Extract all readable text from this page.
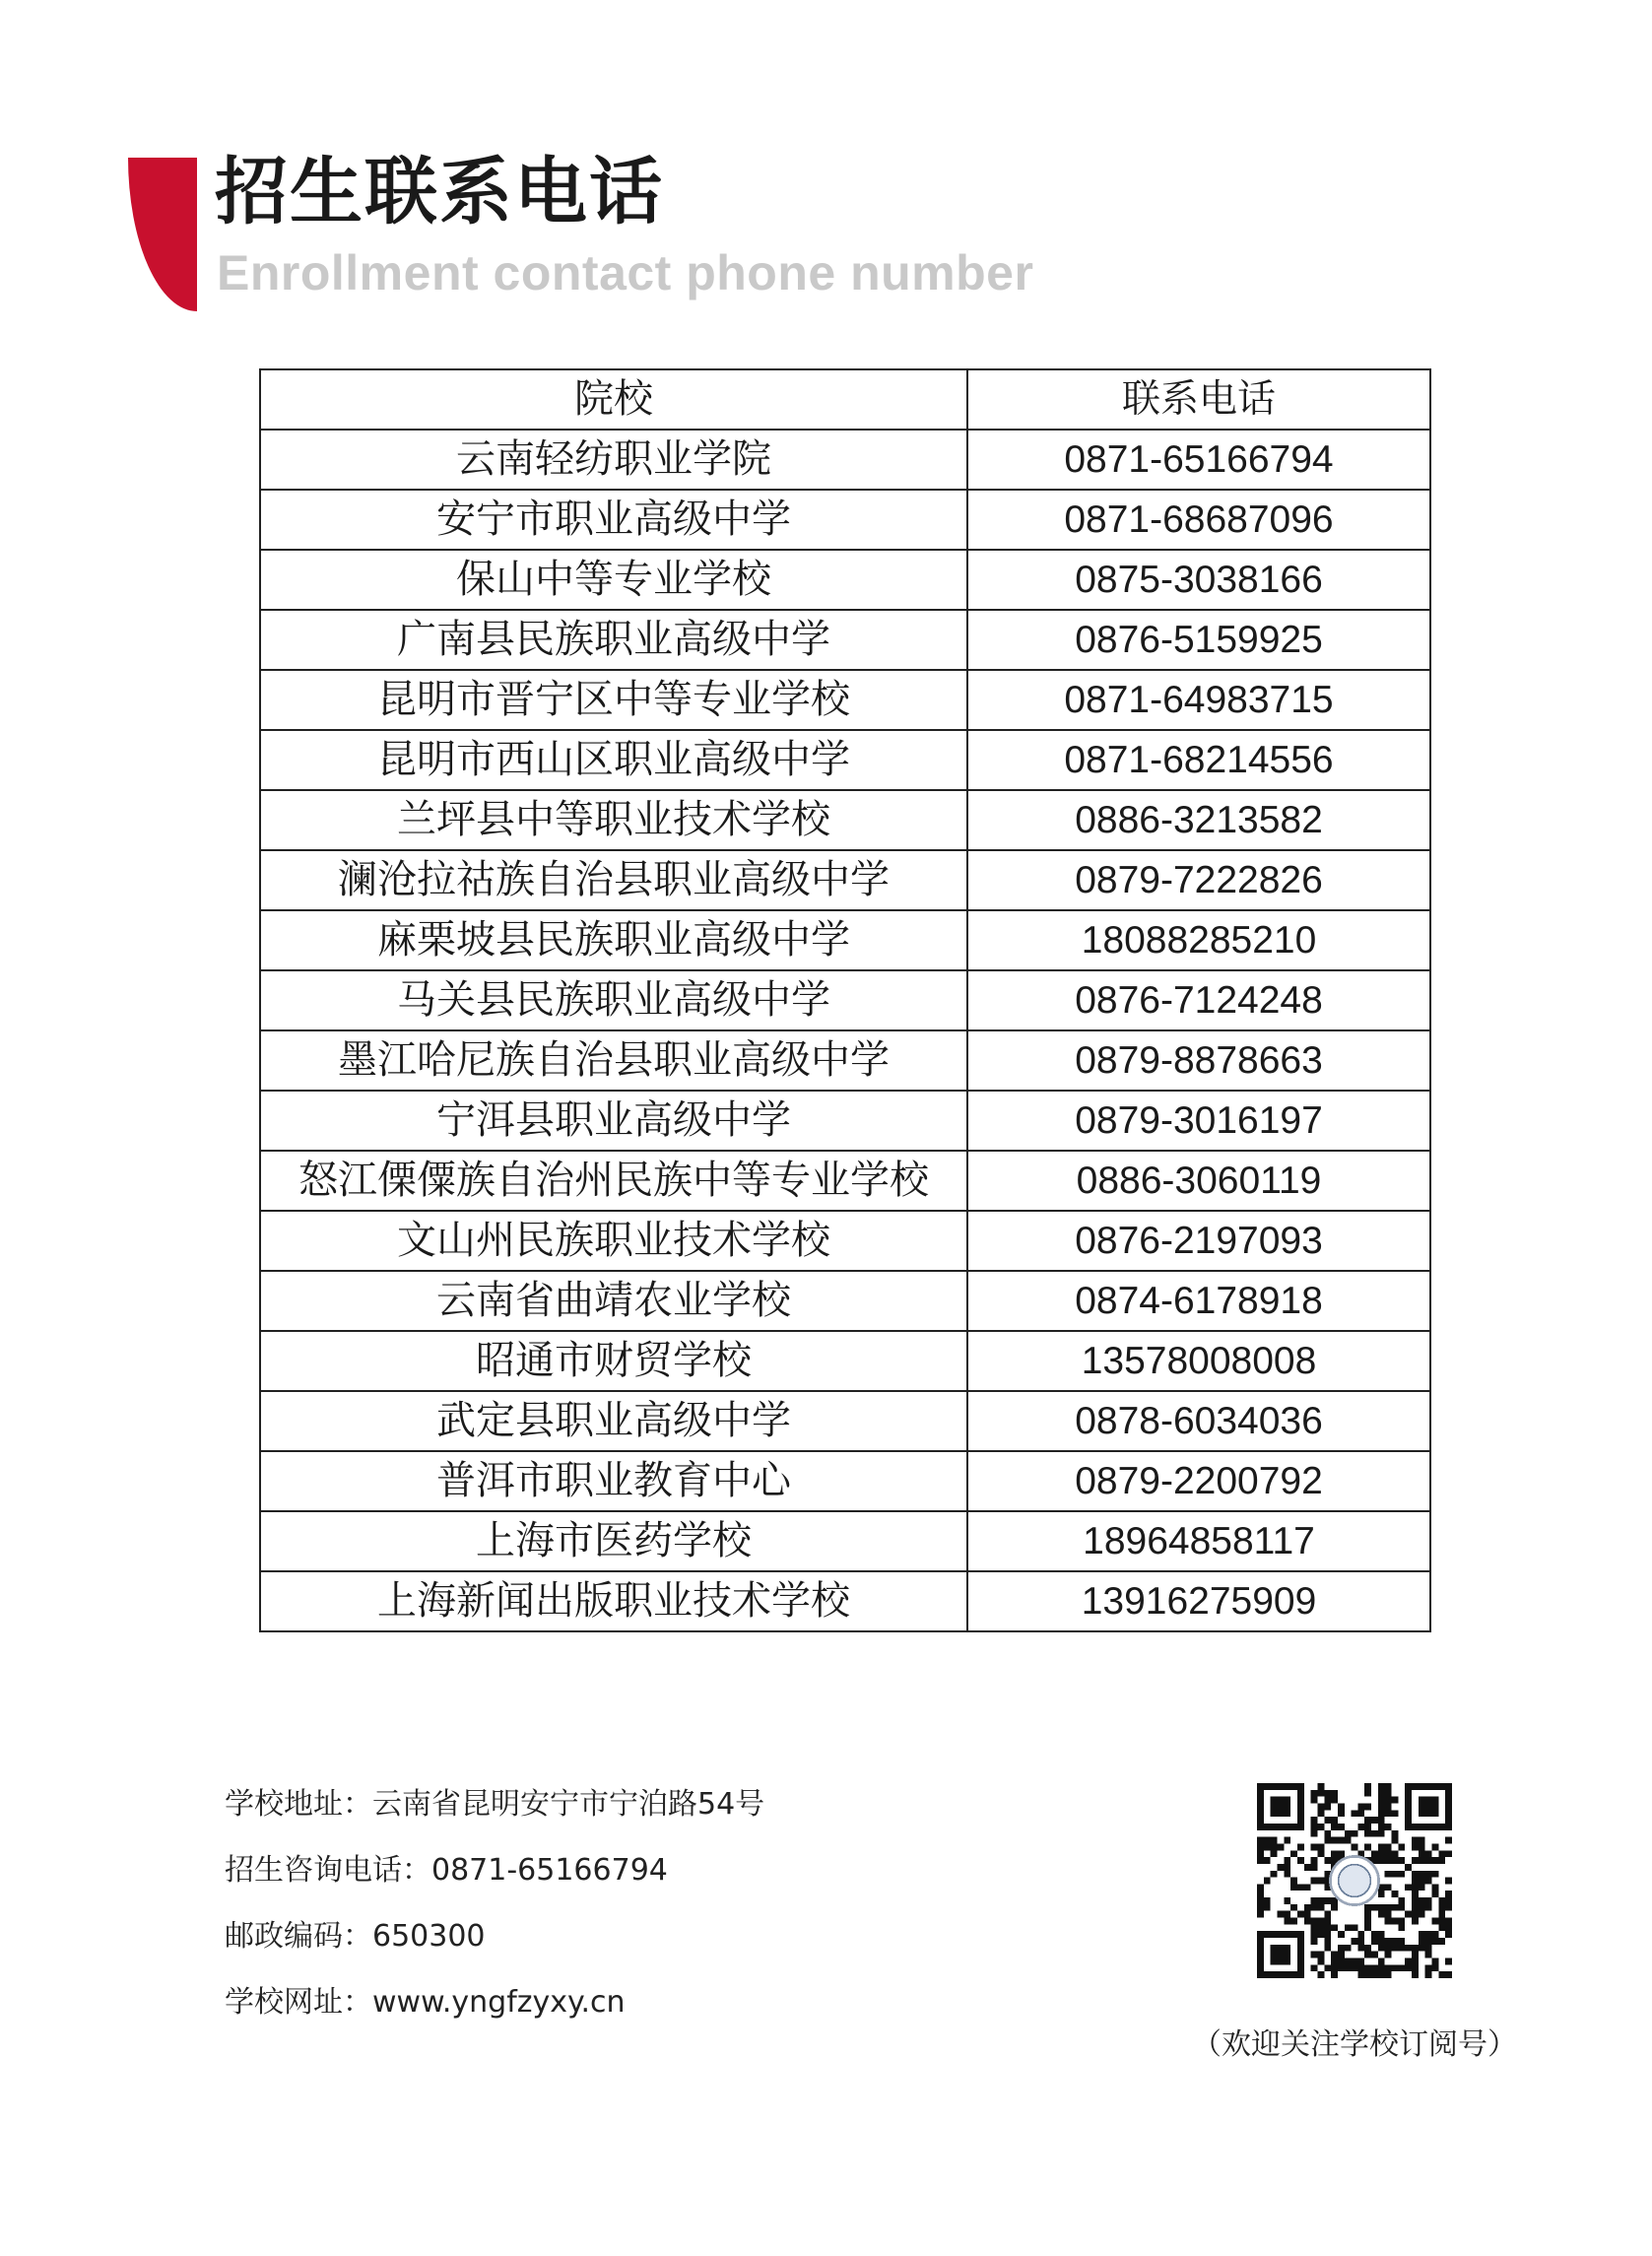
招生联系电话
Enrollment contact phone number
院校	联系电话
云南轻纺职业学院	0871-65166794
安宁市职业高级中学	0871-68687096
保山中等专业学校	0875-3038166
广南县民族职业高级中学	0876-5159925
昆明市晋宁区中等专业学校	0871-64983715
昆明市西山区职业高级中学	0871-68214556
兰坪县中等职业技术学校	0886-3213582
澜沧拉祜族自治县职业高级中学	0879-7222826
麻栗坡县民族职业高级中学	18088285210
马关县民族职业高级中学	0876-7124248
墨江哈尼族自治县职业高级中学	0879-8878663
宁洱县职业高级中学	0879-3016197
怒江傈僳族自治州民族中等专业学校	0886-3060119
文山州民族职业技术学校	0876-2197093
云南省曲靖农业学校	0874-6178918
昭通市财贸学校	13578008008
武定县职业高级中学	0878-6034036
普洱市职业教育中心	0879-2200792
上海市医药学校	18964858117
上海新闻出版职业技术学校	13916275909
学校地址：云南省昆明安宁市宁泊路54号
招生咨询电话：0871-65166794
邮政编码：650300
学校网址：www.yngfzyxy.cn
（欢迎关注学校订阅号）
